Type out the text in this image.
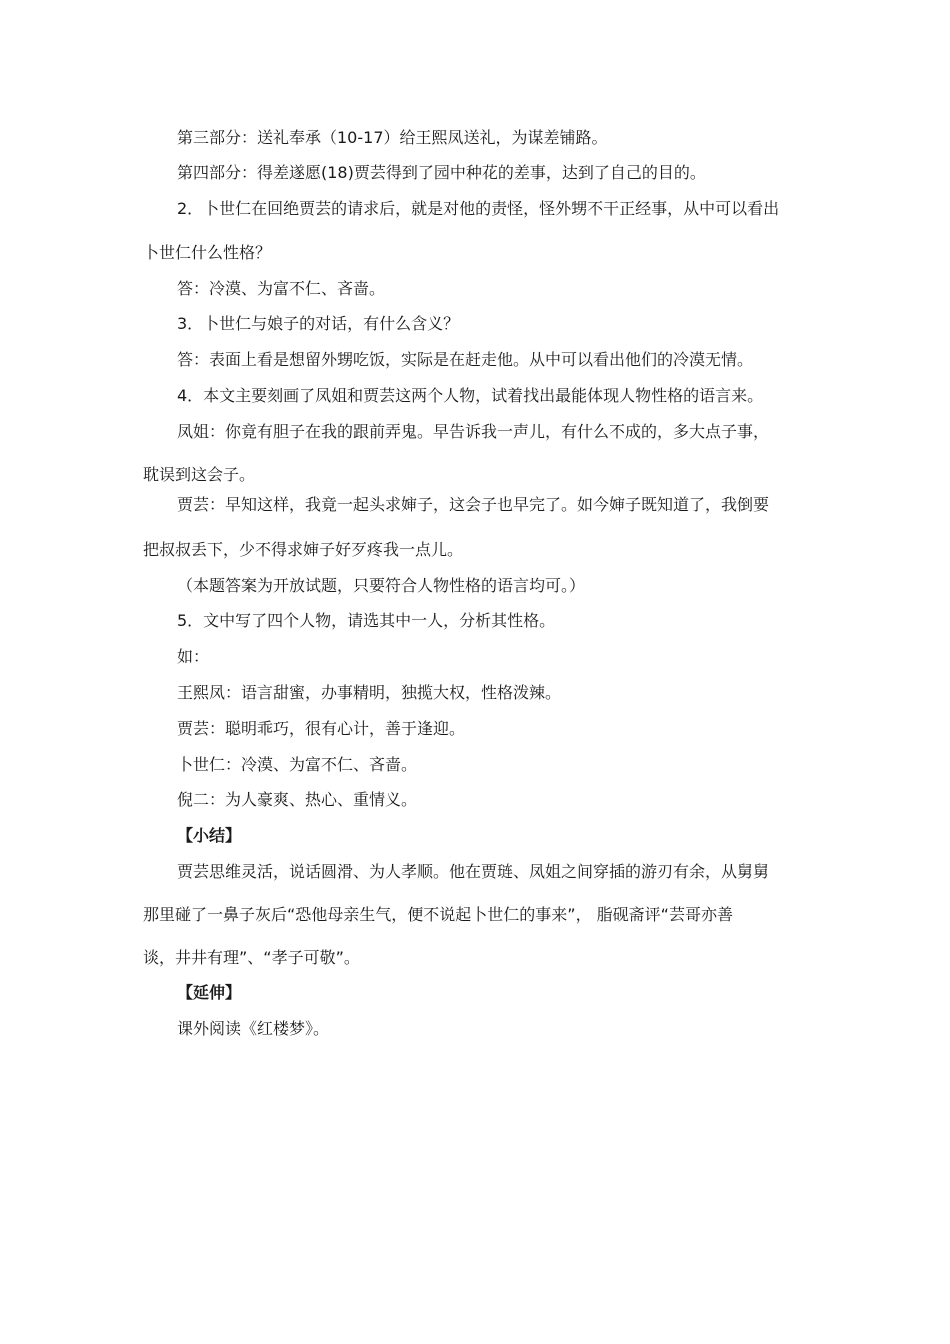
第三部分：送礼奉承（10-17）给王熙凤送礼，为谋差铺路。

第四部分：得差遂愿(18)贾芸得到了园中种花的差事，达到了自己的目的。

2．卜世仁在回绝贾芸的请求后，就是对他的责怪，怪外甥不干正经事，从中可以看出

卜世仁什么性格？

答：冷漠、为富不仁、吝啬。

3．卜世仁与娘子的对话，有什么含义？

答：表面上看是想留外甥吃饭，实际是在赶走他。从中可以看出他们的冷漠无情。

4．本文主要刻画了凤姐和贾芸这两个人物，试着找出最能体现人物性格的语言来。

凤姐：你竟有胆子在我的跟前弄鬼。早告诉我一声儿，有什么不成的，多大点子事，

耽误到这会子。

贾芸：早知这样，我竟一起头求婶子，这会子也早完了。如今婶子既知道了，我倒要

把叔叔丢下，少不得求婶子好歹疼我一点儿。

（本题答案为开放试题，只要符合人物性格的语言均可。）

5．文中写了四个人物，请选其中一人，分析其性格。

如：

王熙凤：语言甜蜜，办事精明，独揽大权，性格泼辣。

贾芸：聪明乖巧，很有心计，善于逢迎。

卜世仁：冷漠、为富不仁、吝啬。

倪二：为人豪爽、热心、重情义。

【小结】

贾芸思维灵活，说话圆滑、为人孝顺。他在贾琏、凤姐之间穿插的游刃有余，从舅舅

那里碰了一鼻子灰后“恐他母亲生气，便不说起卜世仁的事来”， 脂砚斋评“芸哥亦善

谈，井井有理”、“孝子可敬”。

【延伸】

课外阅读《红楼梦》。
